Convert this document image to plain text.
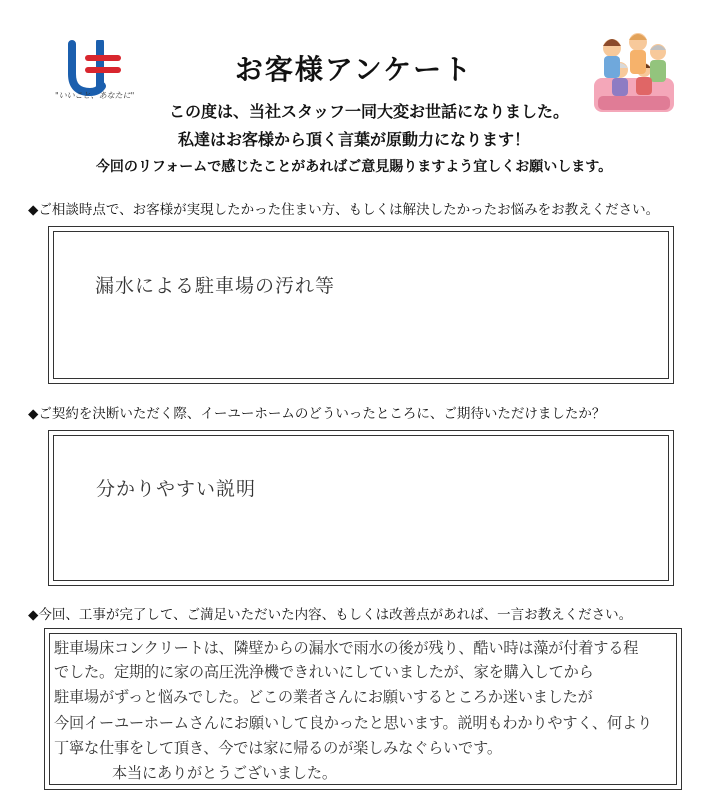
"いいこと、あなたに"
お客様アンケート
この度は、当社スタッフ一同大変お世話になりました。
私達はお客様から頂く言葉が原動力になります！
今回のリフォームで感じたことがあればご意見賜りますよう宜しくお願いします。
◆ご相談時点で、お客様が実現したかった住まい方、もしくは解決したかったお悩みをお教えください。
漏水による駐車場の汚れ等
◆ご契約を決断いただく際、イーユーホームのどういったところに、ご期待いただけましたか？
分かりやすい説明
◆今回、工事が完了して、ご満足いただいた内容、もしくは改善点があれば、一言お教えください。
駐車場床コンクリートは、隣壁からの漏水で雨水の後が残り、酷い時は藻が付着する程
でした。定期的に家の高圧洗浄機できれいにしていましたが、家を購入してから
駐車場がずっと悩みでした。どこの業者さんにお願いするところか迷いましたが
今回イーユーホームさんにお願いして良かったと思います。説明もわかりやすく、何より
丁寧な仕事をして頂き、今では家に帰るのが楽しみなぐらいです。
本当にありがとうございました。
